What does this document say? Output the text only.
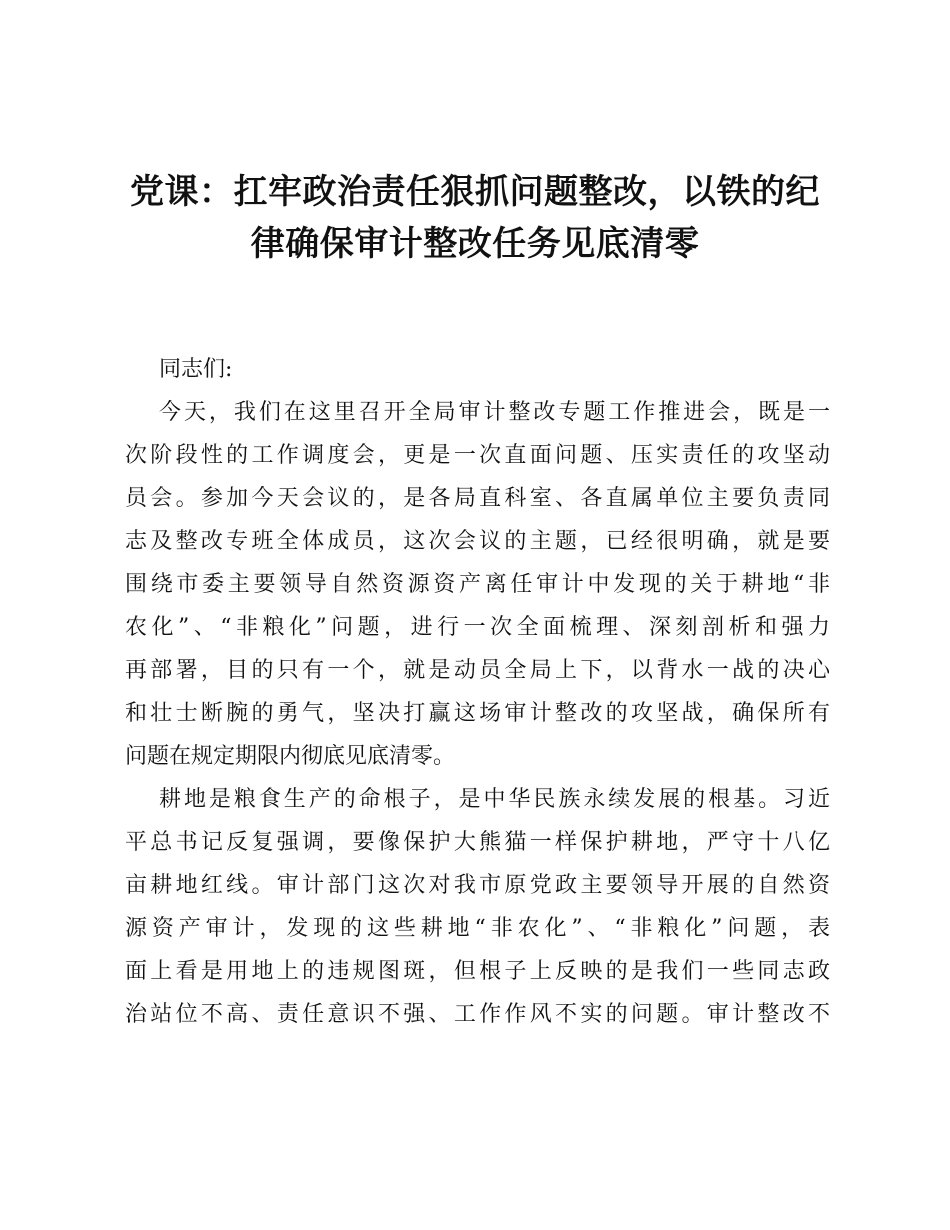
党课：扛牢政治责任狠抓问题整改，以铁的纪
律确保审计整改任务见底清零
同志们:
今天，我们在这里召开全局审计整改专题工作推进会，既是一
次阶段性的工作调度会，更是一次直面问题、压实责任的攻坚动
员会。参加今天会议的，是各局直科室、各直属单位主要负责同
志及整改专班全体成员，这次会议的主题，已经很明确，就是要
围绕市委主要领导自然资源资产离任审计中发现的关于耕地“非
农化”、“非粮化”问题，进行一次全面梳理、深刻剖析和强力
再部署，目的只有一个，就是动员全局上下，以背水一战的决心
和壮士断腕的勇气，坚决打赢这场审计整改的攻坚战，确保所有
问题在规定期限内彻底见底清零。
耕地是粮食生产的命根子，是中华民族永续发展的根基。习近
平总书记反复强调，要像保护大熊猫一样保护耕地，严守十八亿
亩耕地红线。审计部门这次对我市原党政主要领导开展的自然资
源资产审计，发现的这些耕地“非农化”、“非粮化”问题，表
面上看是用地上的违规图斑，但根子上反映的是我们一些同志政
治站位不高、责任意识不强、工作作风不实的问题。审计整改不
